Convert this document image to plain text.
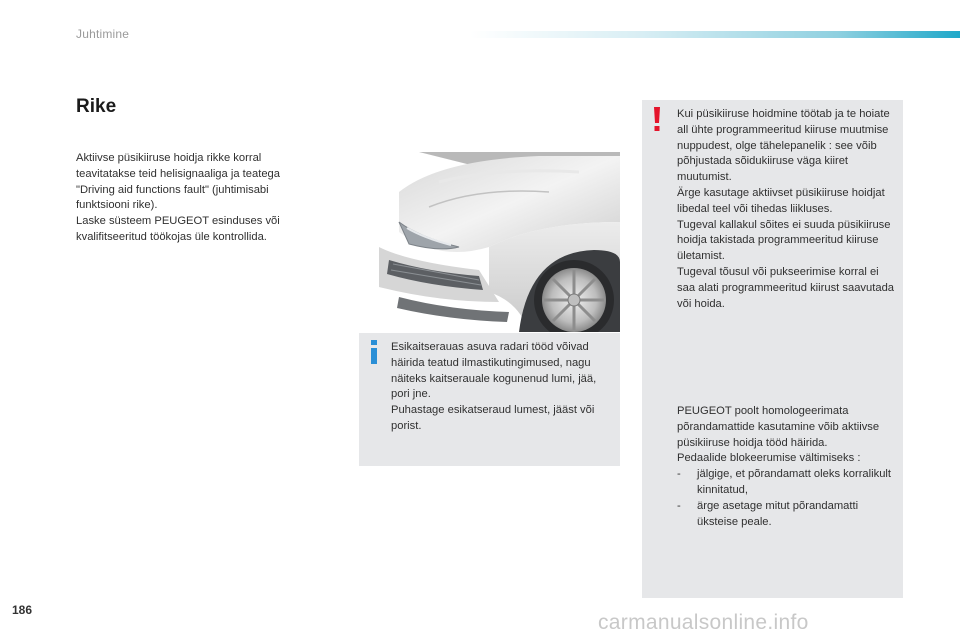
Juhtimine
Rike

Aktiivse püsikiiruse hoidja rikke korral teavitatakse teid helisignaaliga ja teatega "Driving aid functions fault" (juhtimisabi funktsiooni rike).

Laske süsteem PEUGEOT esinduses või kvalifitseeritud töökojas üle kontrollida.

Esikaitserauas asuva radari tööd võivad häirida teatud ilmastikutingimused, nagu näiteks kaitserauale kogunenud lumi, jää, pori jne.

Puhastage esikatseraud lumest, jääst või porist.

Kui püsikiiruse hoidmine töötab ja te hoiate all ühte programmeeritud kiiruse muutmise nuppudest, olge tähelepanelik : see võib põhjustada sõidukiiruse väga kiiret muutumist.

Ärge kasutage aktiivset püsikiiruse hoidjat libedal teel või tihedas liikluses.

Tugeval kallakul sõites ei suuda püsikiiruse hoidja takistada programmeeritud kiiruse ületamist.

Tugeval tõusul või pukseerimise korral ei saa alati programmeeritud kiirust saavutada või hoida.

PEUGEOT poolt homologeerimata põrandamattide kasutamine võib aktiivse püsikiiruse hoidja tööd häirida.

Pedaalide blokeerumise vältimiseks :

-	jälgige, et põrandamatt oleks korralikult kinnitatud,
-	ärge asetage mitut põrandamatti üksteise peale.
186
carmanualsonline.info
